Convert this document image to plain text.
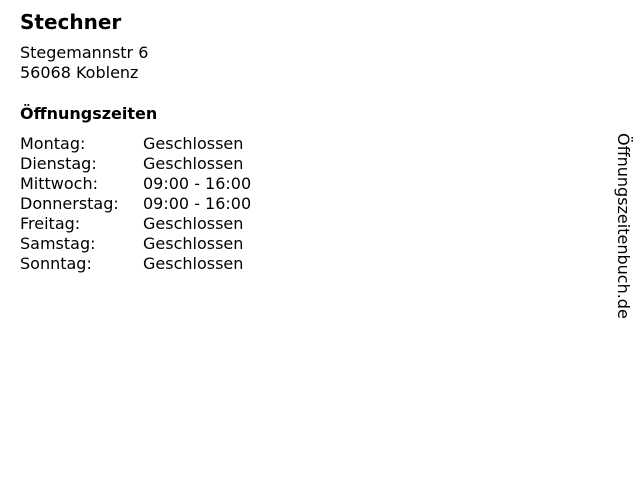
Stechner
Stegemannstr 6
56068 Koblenz
Öffnungszeiten
Montag:	Geschlossen
Dienstag:	Geschlossen
Mittwoch:	09:00 - 16:00
Donnerstag:	09:00 - 16:00
Freitag:	Geschlossen
Samstag:	Geschlossen
Sonntag:	Geschlossen	Öffnungszeitenbuch.de
